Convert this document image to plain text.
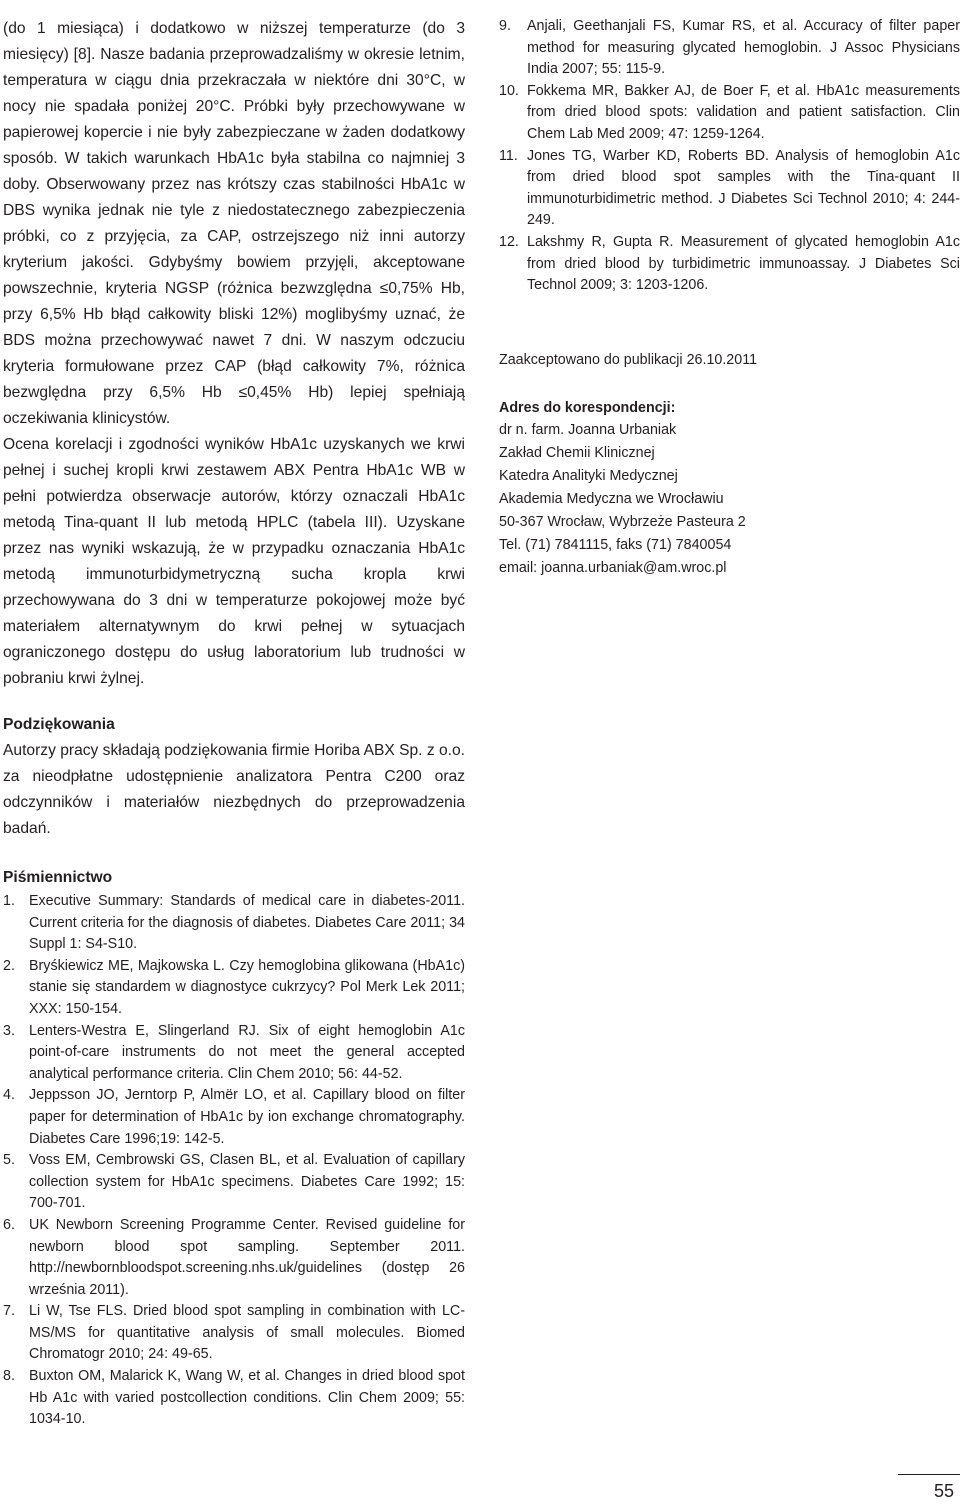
(do 1 miesiąca) i dodatkowo w niższej temperaturze (do 3 miesięcy) [8]. Nasze badania przeprowadzaliśmy w okresie letnim, temperatura w ciągu dnia przekraczała w niektóre dni 30°C, w nocy nie spadała poniżej 20°C. Próbki były przechowywane w papierowej kopercie i nie były zabezpieczane w żaden dodatkowy sposób. W takich warunkach HbA1c była stabilna co najmniej 3 doby. Obserwowany przez nas krótszy czas stabilności HbA1c w DBS wynika jednak nie tyle z niedostatecznego zabezpieczenia próbki, co z przyjęcia, za CAP, ostrzejszego niż inni autorzy kryterium jakości. Gdybyśmy bowiem przyjęli, akceptowane powszechnie, kryteria NGSP (różnica bezwzględna ≤0,75% Hb, przy 6,5% Hb błąd całkowity bliski 12%) moglibyśmy uznać, że BDS można przechowywać nawet 7 dni. W naszym odczuciu kryteria formułowane przez CAP (błąd całkowity 7%, różnica bezwględna przy 6,5% Hb ≤0,45% Hb) lepiej spełniają oczekiwania klinicystów.

Ocena korelacji i zgodności wyników HbA1c uzyskanych we krwi pełnej i suchej kropli krwi zestawem ABX Pentra HbA1c WB w pełni potwierdza obserwacje autorów, którzy oznaczali HbA1c metodą Tina-quant II lub metodą HPLC (tabela III). Uzyskane przez nas wyniki wskazują, że w przypadku oznaczania HbA1c metodą immunoturbidymetryczną sucha kropla krwi przechowywana do 3 dni w temperaturze pokojowej może być materiałem alternatywnym do krwi pełnej w sytuacjach ograniczonego dostępu do usług laboratorium lub trudności w pobraniu krwi żylnej.

Podziękowania

Autorzy pracy składają podziękowania firmie Horiba ABX Sp. z o.o. za nieodpłatne udostępnienie analizatora Pentra C200 oraz odczynników i materiałów niezbędnych do przeprowadzenia badań.

Piśmiennictwo

1. Executive Summary: Standards of medical care in diabetes-2011. Current criteria for the diagnosis of diabetes. Diabetes Care 2011; 34 Suppl 1: S4-S10.
2. Bryśkiewicz ME, Majkowska L. Czy hemoglobina glikowana (HbA1c) stanie się standardem w diagnostyce cukrzycy? Pol Merk Lek 2011; XXX: 150-154.
3. Lenters-Westra E, Slingerland RJ. Six of eight hemoglobin A1c point-of-care instruments do not meet the general accepted analytical performance criteria. Clin Chem 2010; 56: 44-52.
4. Jeppsson JO, Jerntorp P, Almër LO, et al. Capillary blood on filter paper for determination of HbA1c by ion exchange chromatography. Diabetes Care 1996;19: 142-5.
5. Voss EM, Cembrowski GS, Clasen BL, et al. Evaluation of capillary collection system for HbA1c specimens. Diabetes Care 1992; 15: 700-701.
6. UK Newborn Screening Programme Center. Revised guideline for newborn blood spot sampling. September 2011. http://newbornbloodspot.screening.nhs.uk/guidelines (dostęp 26 września 2011).
7. Li W, Tse FLS. Dried blood spot sampling in combination with LC-MS/MS for quantitative analysis of small molecules. Biomed Chromatogr 2010; 24: 49-65.
8. Buxton OM, Malarick K, Wang W, et al. Changes in dried blood spot Hb A1c with varied postcollection conditions. Clin Chem 2009; 55: 1034-10.
9.	Anjali, Geethanjali FS, Kumar RS, et al. Accuracy of filter paper method for measuring glycated hemoglobin. J Assoc Physicians India 2007; 55: 115-9.
10. Fokkema MR, Bakker AJ, de Boer F, et al. HbA1c measurements from dried blood spots: validation and patient satisfaction. Clin Chem Lab Med 2009; 47: 1259-1264.
11. Jones TG, Warber KD, Roberts BD. Analysis of hemoglobin A1c from dried blood spot samples with the Tina-quant II immunoturbidimetric method. J Diabetes Sci Technol 2010; 4: 244-249.
12. Lakshmy R, Gupta R. Measurement of glycated hemoglobin A1c from dried blood by turbidimetric immunoassay. J Diabetes Sci Technol 2009; 3: 1203-1206.

Zaakceptowano do publikacji 26.10.2011

Adres do korespondencji:

dr n. farm. Joanna Urbaniak

Zakład Chemii Klinicznej

Katedra Analityki Medycznej

Akademia Medyczna we Wrocławiu

50-367 Wrocław, Wybrzeże Pasteura 2

Tel. (71) 7841115, faks (71) 7840054

email: joanna.urbaniak@am.wroc.pl

55
